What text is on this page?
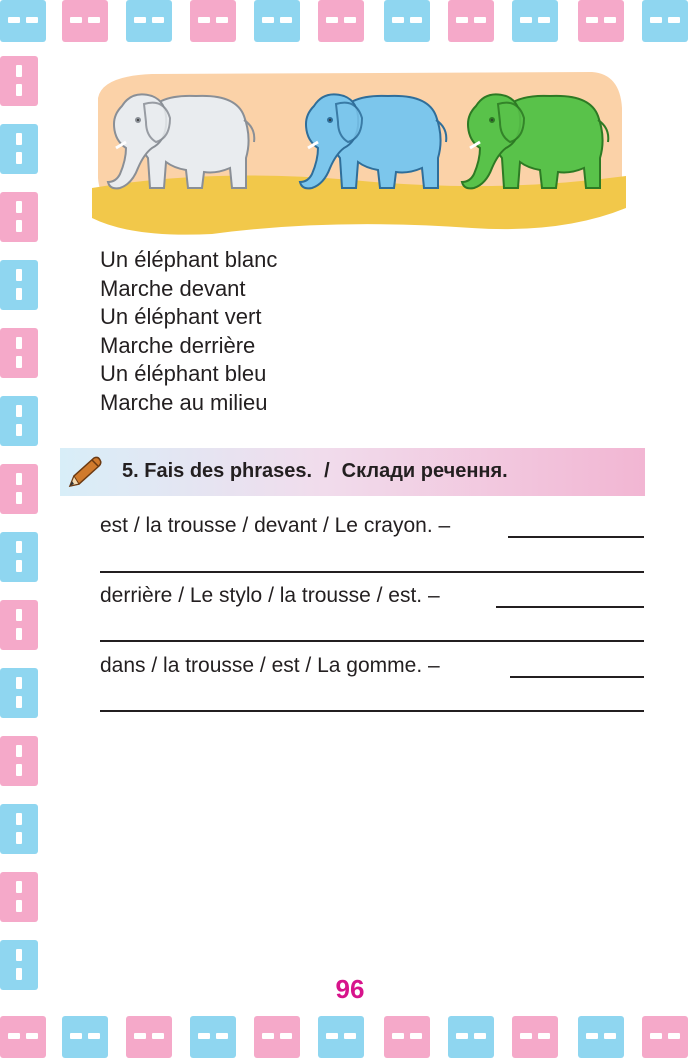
Un éléphant blanc
Marche devant
Un éléphant vert
Marche derrière
Un éléphant bleu
Marche au milieu
5. Fais des phrases. / Склади речення.
est / la trousse / devant / Le crayon. –
derrière / Le stylo / la trousse / est. –
dans / la trousse / est / La gomme. –
96
